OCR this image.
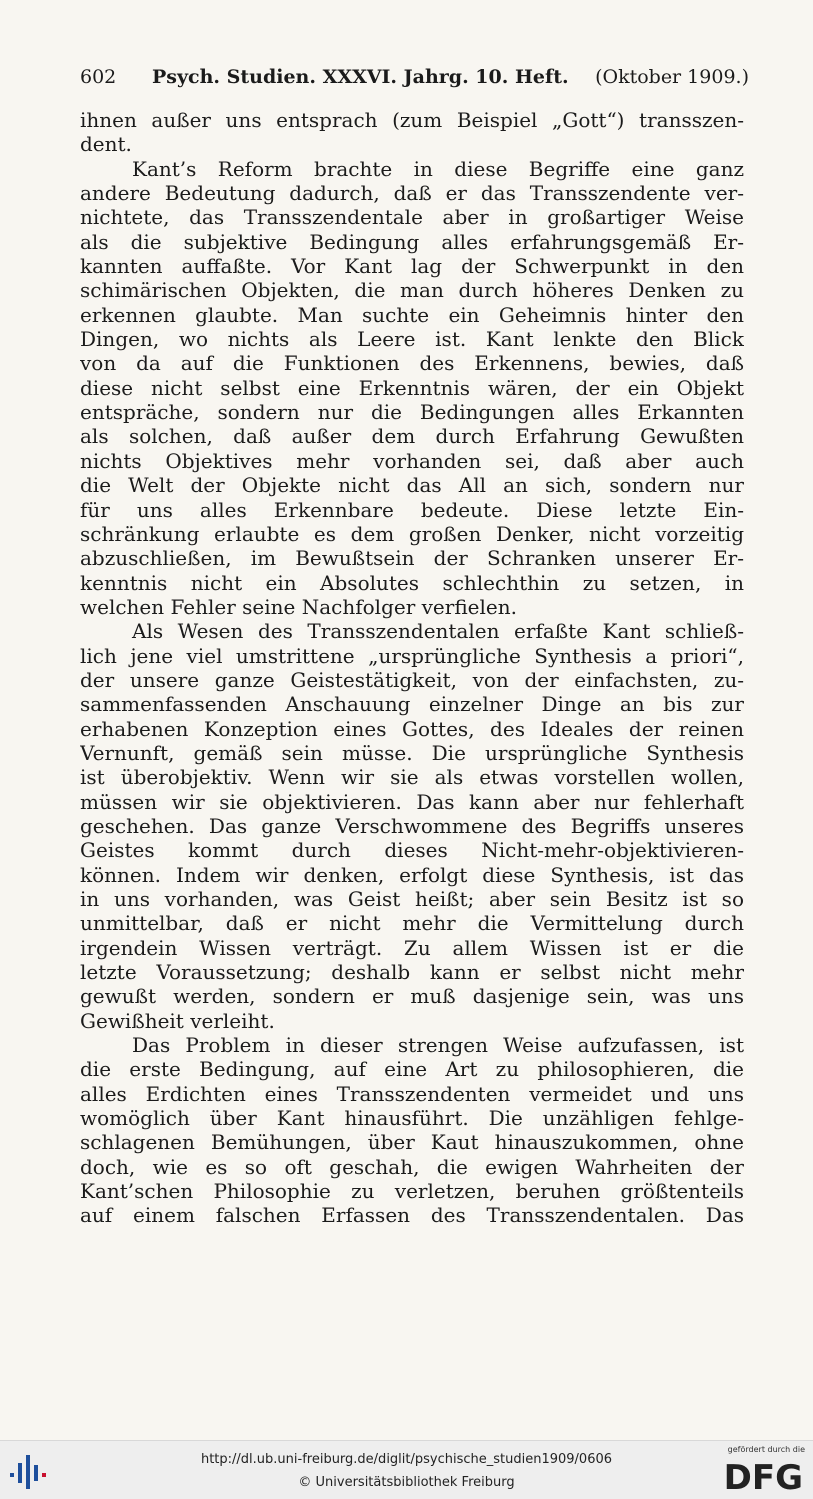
602 Psych. Studien. XXXVI. Jahrg. 10. Heft. (Oktober 1909.)
ihnen außer uns entsprach (zum Beispiel „Gott“) transszen-
dent.
Kant’s Reform brachte in diese Begriffe eine ganz
andere Bedeutung dadurch, daß er das Transszendente ver-
nichtete, das Transszendentale aber in großartiger Weise
als die subjektive Bedingung alles erfahrungsgemäß Er-
kannten auffaßte. Vor Kant lag der Schwerpunkt in den
schimärischen Objekten, die man durch höheres Denken zu
erkennen glaubte. Man suchte ein Geheimnis hinter den
Dingen, wo nichts als Leere ist. Kant lenkte den Blick
von da auf die Funktionen des Erkennens, bewies, daß
diese nicht selbst eine Erkenntnis wären, der ein Objekt
entspräche, sondern nur die Bedingungen alles Erkannten
als solchen, daß außer dem durch Erfahrung Gewußten
nichts Objektives mehr vorhanden sei, daß aber auch
die Welt der Objekte nicht das All an sich, sondern nur
für uns alles Erkennbare bedeute. Diese letzte Ein-
schränkung erlaubte es dem großen Denker, nicht vorzeitig
abzuschließen, im Bewußtsein der Schranken unserer Er-
kenntnis nicht ein Absolutes schlechthin zu setzen, in
welchen Fehler seine Nachfolger verfielen.
Als Wesen des Transszendentalen erfaßte Kant schließ-
lich jene viel umstrittene „ursprüngliche Synthesis a priori“,
der unsere ganze Geistestätigkeit, von der einfachsten, zu-
sammenfassenden Anschauung einzelner Dinge an bis zur
erhabenen Konzeption eines Gottes, des Ideales der reinen
Vernunft, gemäß sein müsse. Die ursprüngliche Synthesis
ist überobjektiv. Wenn wir sie als etwas vorstellen wollen,
müssen wir sie objektivieren. Das kann aber nur fehlerhaft
geschehen. Das ganze Verschwommene des Begriffs unseres
Geistes kommt durch dieses Nicht-mehr-objektivieren-
können. Indem wir denken, erfolgt diese Synthesis, ist das
in uns vorhanden, was Geist heißt; aber sein Besitz ist so
unmittelbar, daß er nicht mehr die Vermittelung durch
irgendein Wissen verträgt. Zu allem Wissen ist er die
letzte Voraussetzung; deshalb kann er selbst nicht mehr
gewußt werden, sondern er muß dasjenige sein, was uns
Gewißheit verleiht.
Das Problem in dieser strengen Weise aufzufassen, ist
die erste Bedingung, auf eine Art zu philosophieren, die
alles Erdichten eines Transszendenten vermeidet und uns
womöglich über Kant hinausführt. Die unzähligen fehlge-
schlagenen Bemühungen, über Kaut hinauszukommen, ohne
doch, wie es so oft geschah, die ewigen Wahrheiten der
Kant’schen Philosophie zu verletzen, beruhen größtenteils
auf einem falschen Erfassen des Transszendentalen. Das
http://dl.ub.uni-freiburg.de/diglit/psychische_studien1909/0606
© Universitätsbibliothek Freiburg
gefördert durch die
DFG
